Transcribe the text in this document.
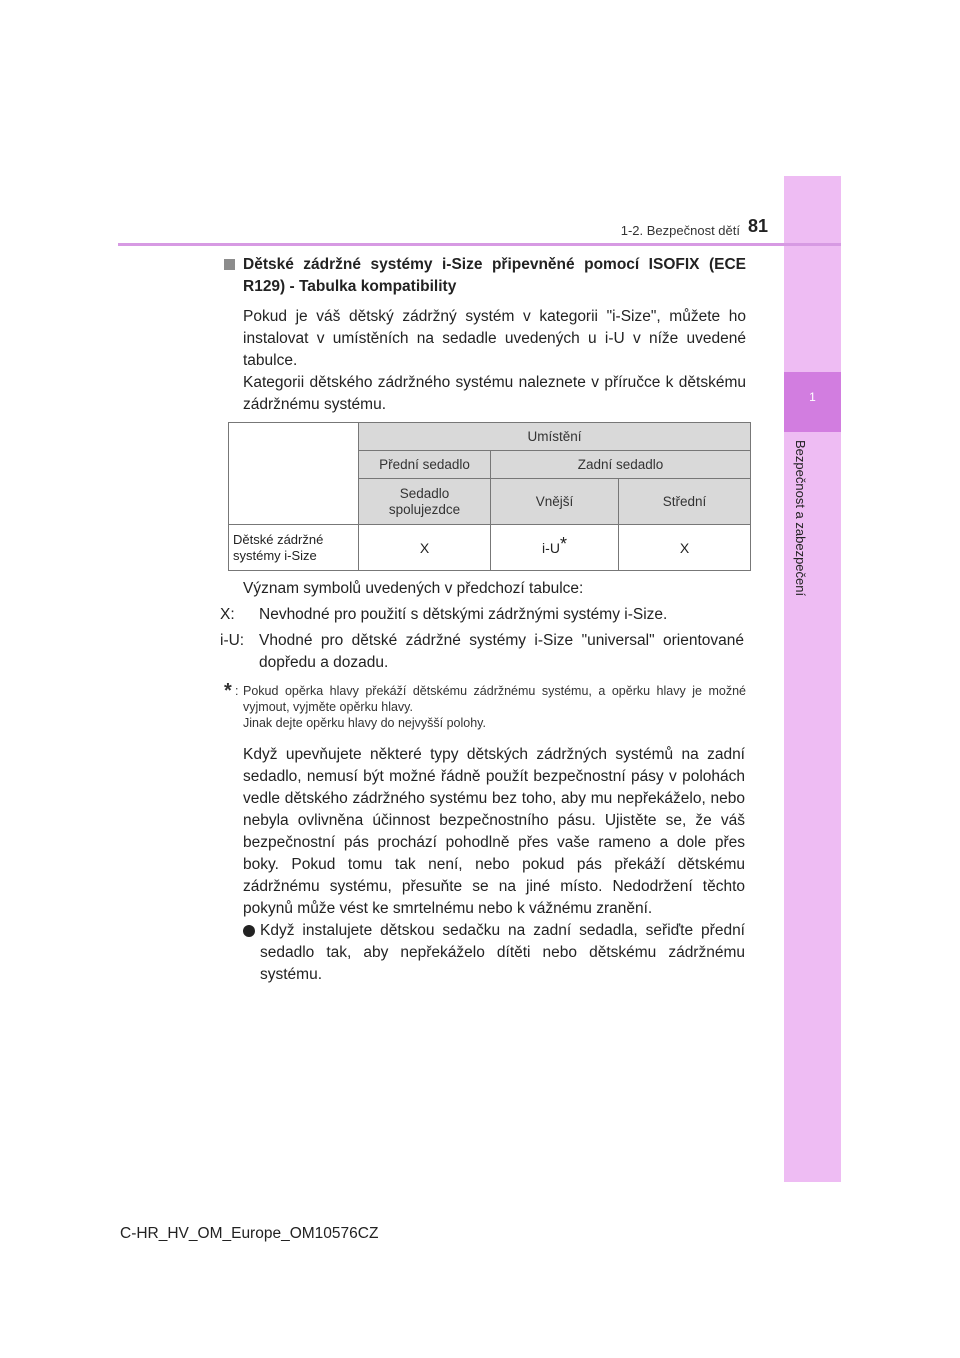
1
Bezpečnost a zabezpečení
1-2. Bezpečnost dětí 81
Dětské zádržné systémy i-Size připevněné pomocí ISOFIX (ECE R129) - Tabulka kompatibility

Pokud je váš dětský zádržný systém v kategorii "i-Size", můžete ho instalovat v umístěních na sedadle uvedených u i-U v níže uvedené tabulce.

Kategorii dětského zádržného systému naleznete v příručce k dětskému zádržnému systému.

	Umístění		
	Přední sedadlo	Zadní sedadlo	
	Sedadlo spolujezdce	Vnější	Střední
Dětské zádržné systémy i-Size	X	i-U*	X
Význam symbolů uvedených v předchozí tabulce:
X: Nevhodné pro použití s dětskými zádržnými systémy i-Size.
i-U: Vhodné pro dětské zádržné systémy i-Size "universal" orientované dopředu a dozadu.
* : Pokud opěrka hlavy překáží dětskému zádržnému systému, a opěrku hlavy je možné vyjmout, vyjměte opěrku hlavy.

Jinak dejte opěrku hlavy do nejvyšší polohy.

Když upevňujete některé typy dětských zádržných systémů na zadní sedadlo, nemusí být možné řádně použít bezpečnostní pásy v polohách vedle dětského zádržného systému bez toho, aby mu nepřekáželo, nebo nebyla ovlivněna účinnost bezpečnostního pásu. Ujistěte se, že váš bezpečnostní pás prochází pohodlně přes vaše rameno a dole přes boky. Pokud tomu tak není, nebo pokud pás překáží dětskému zádržnému systému, přesuňte se na jiné místo. Nedodržení těchto pokynů může vést ke smrtelnému nebo k vážnému zranění.
Když instalujete dětskou sedačku na zadní sedadla, seřiďte přední sedadlo tak, aby nepřekáželo dítěti nebo dětskému zádržnému systému.
C-HR_HV_OM_Europe_OM10576CZ
